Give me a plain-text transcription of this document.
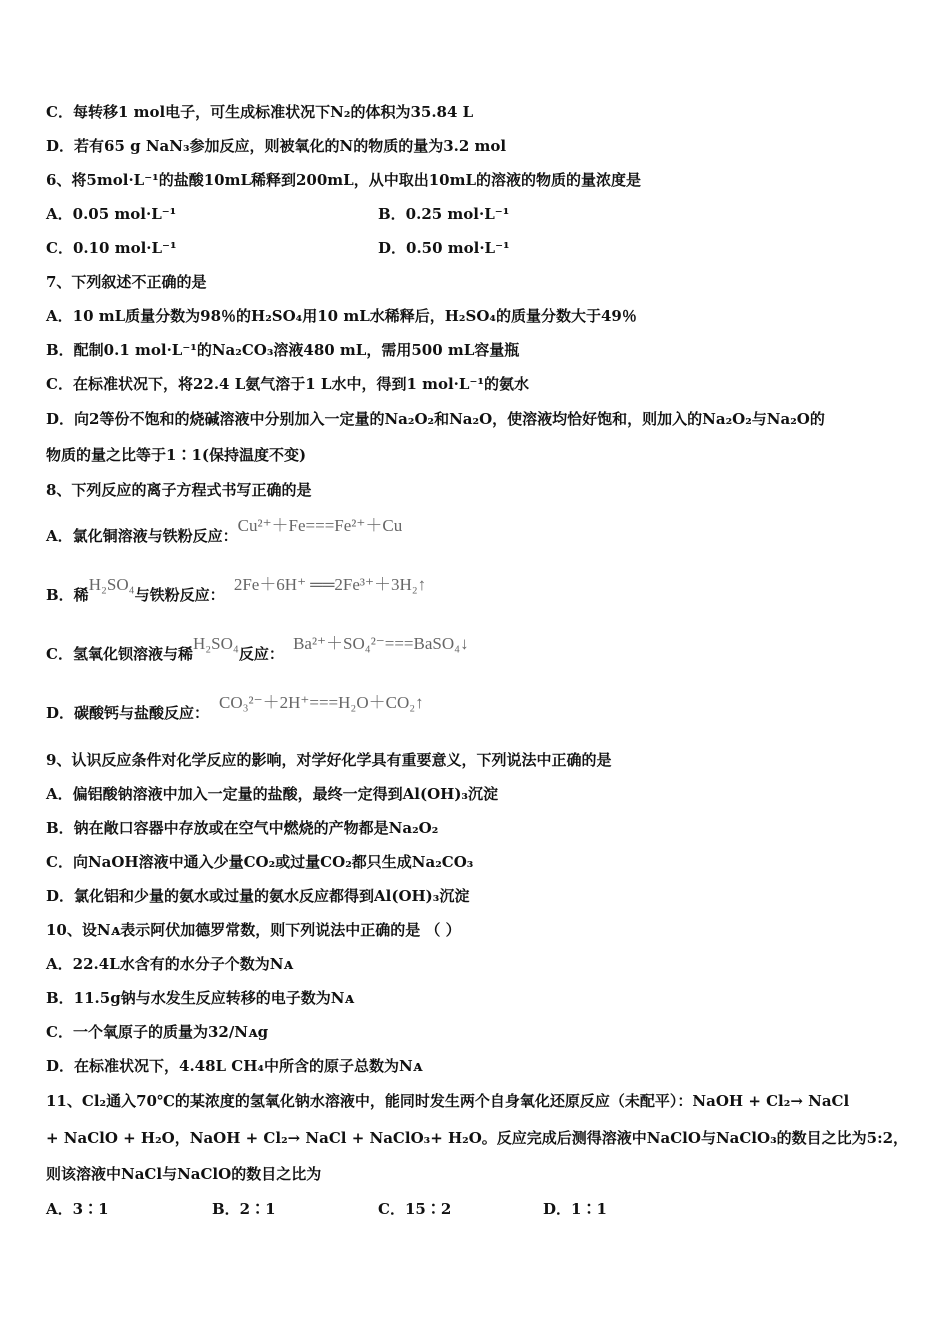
C．每转移1 mol电子，可生成标准状况下N₂的体积为35.84 L
D．若有65 g NaN₃参加反应，则被氧化的N的物质的量为3.2 mol
6、将5mol·L⁻¹的盐酸10mL稀释到200mL，从中取出10mL的溶液的物质的量浓度是
A．0.05 mol·L⁻¹	B．0.25 mol·L⁻¹
C．0.10 mol·L⁻¹	D．0.50 mol·L⁻¹
7、下列叙述不正确的是
A．10 mL质量分数为98％的H₂SO₄用10 mL水稀释后，H₂SO₄的质量分数大于49％
B．配制0.1 mol·L⁻¹的Na₂CO₃溶液480 mL，需用500 mL容量瓶
C．在标准状况下，将22.4 L氨气溶于1 L水中，得到1 mol·L⁻¹的氨水
D．向2等份不饱和的烧碱溶液中分别加入一定量的Na₂O₂和Na₂O，使溶液均恰好饱和，则加入的Na₂O₂与Na₂O的
物质的量之比等于1∶1(保持温度不变)
8、下列反应的离子方程式书写正确的是
A．氯化铜溶液与铁粉反应：Cu²⁺＋Fe===Fe²⁺＋Cu
B．稀H₂SO₄与铁粉反应： 2Fe＋6H⁺ ══2Fe³⁺＋3H₂↑
C．氢氧化钡溶液与稀H₂SO₄反应： Ba²⁺＋SO₄²⁻===BaSO₄↓
D．碳酸钙与盐酸反应：CO₃²⁻＋2H⁺===H₂O＋CO₂↑
9、认识反应条件对化学反应的影响，对学好化学具有重要意义，下列说法中正确的是
A．偏铝酸钠溶液中加入一定量的盐酸，最终一定得到Al(OH)₃沉淀
B．钠在敞口容器中存放或在空气中燃烧的产物都是Na₂O₂
C．向NaOH溶液中通入少量CO₂或过量CO₂都只生成Na₂CO₃
D．氯化铝和少量的氨水或过量的氨水反应都得到Al(OH)₃沉淀
10、设Nᴀ表示阿伏加德罗常数，则下列说法中正确的是 （ ）
A．22.4L水含有的水分子个数为Nᴀ
B．11.5g钠与水发生反应转移的电子数为Nᴀ
C．一个氧原子的质量为32/Nᴀg
D．在标准状况下，4.48L CH₄中所含的原子总数为Nᴀ
11、Cl₂通入70℃的某浓度的氢氧化钠水溶液中，能同时发生两个自身氧化还原反应（未配平）：NaOH + Cl₂→ NaCl
+ NaClO + H₂O，NaOH + Cl₂→ NaCl + NaClO₃+ H₂O。反应完成后测得溶液中NaClO与NaClO₃的数目之比为5:2，
则该溶液中NaCl与NaClO的数目之比为
A．3∶1	B．2∶1	C．15∶2	D．1∶1
